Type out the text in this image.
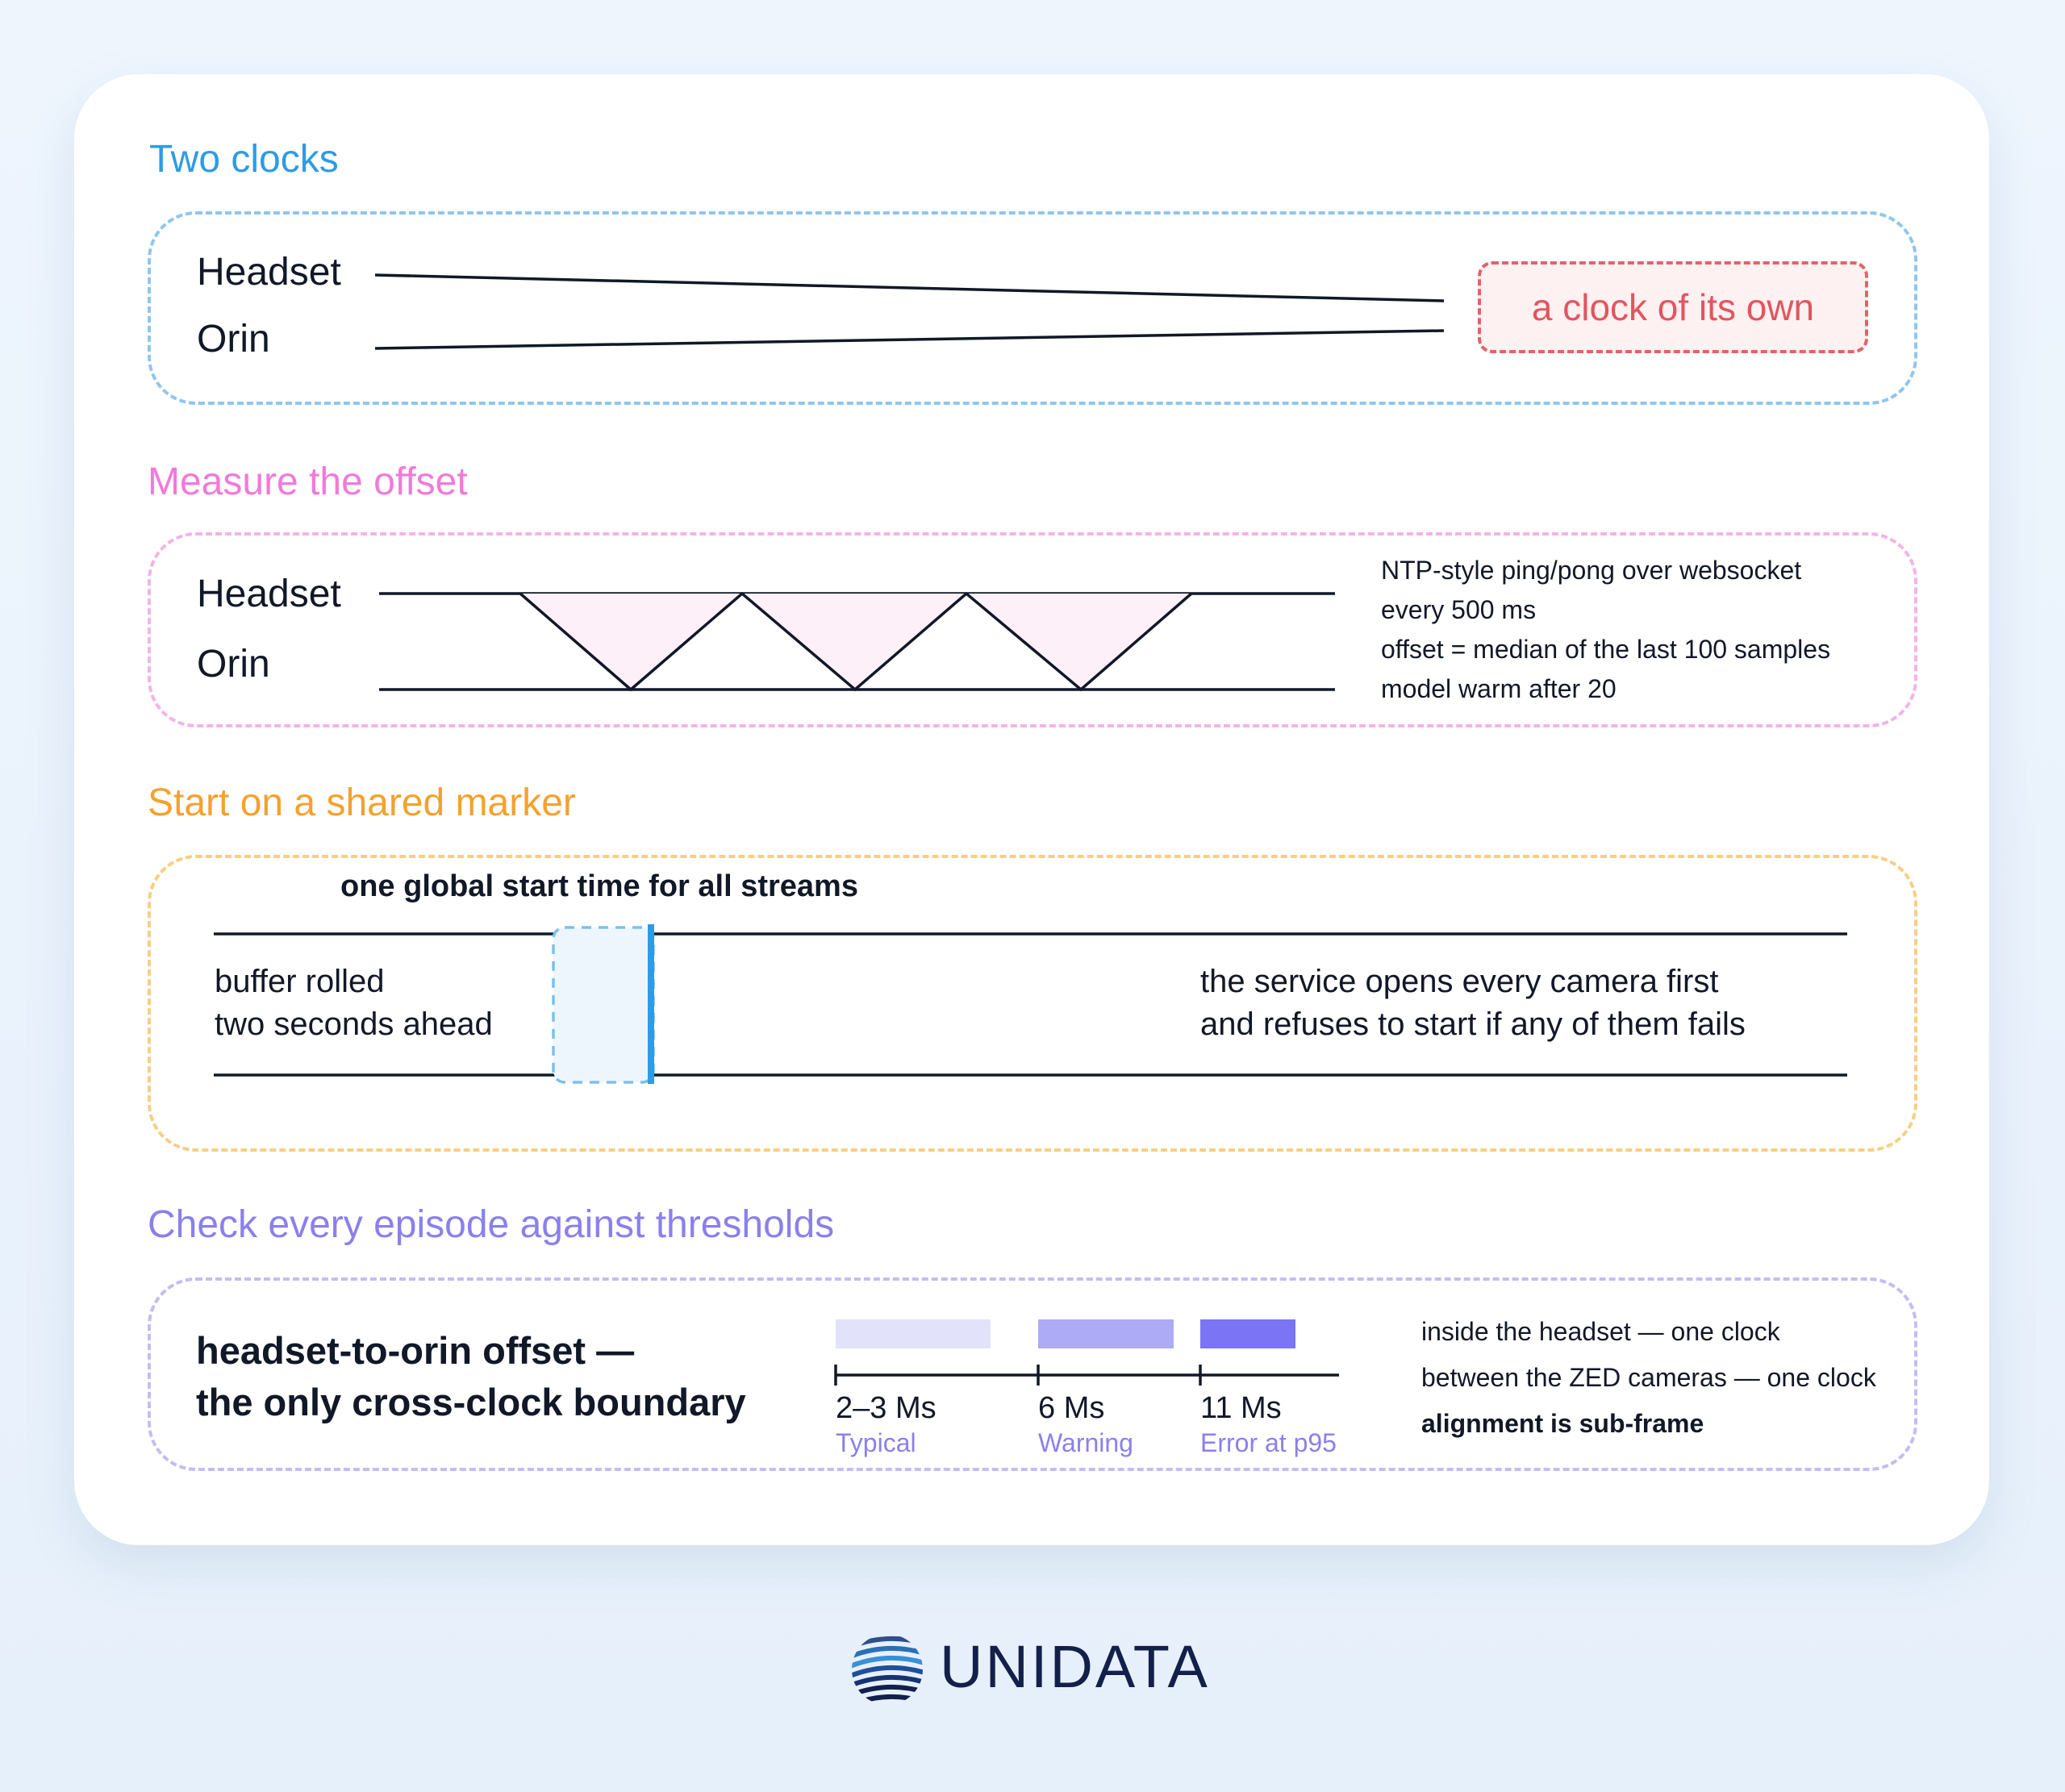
Two clocks
Headset
Orin
a clock of its own
Measure the offset
Headset
Orin
NTP-style ping/pong over websocket
every 500 ms
offset = median of the last 100 samples
model warm after 20
Start on a shared marker
one global start time for all streams
buffer rolled
two seconds ahead
the service opens every camera first
and refuses to start if any of them fails
Check every episode against thresholds
headset-to-orin offset —
the only cross-clock boundary	2–3 Ms
Typical
6 Ms
Warning
11 Ms
Error at p95
inside the headset — one clock
between the ZED cameras — one clock
alignment is sub-frame
UNIDATA
